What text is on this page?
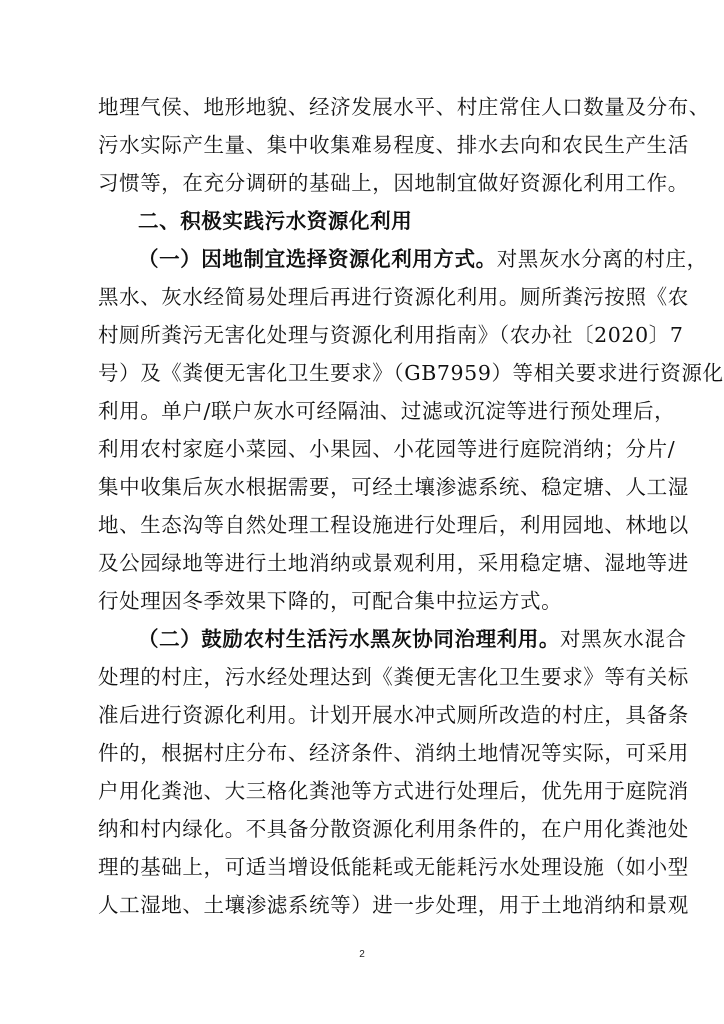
地理气侯、地形地貌、经济发展水平、村庄常住人口数量及分布、
污水实际产生量、集中收集难易程度、排水去向和农民生产生活
习惯等，在充分调研的基础上，因地制宜做好资源化利用工作。
二、积极实践污水资源化利用
（一）因地制宜选择资源化利用方式。对黑灰水分离的村庄，
黑水、灰水经简易处理后再进行资源化利用。厕所粪污按照《农
村厕所粪污无害化处理与资源化利用指南》（农办社〔2020〕7
号）及《粪便无害化卫生要求》（GB7959）等相关要求进行资源化
利用。单户/联户灰水可经隔油、过滤或沉淀等进行预处理后，
利用农村家庭小菜园、小果园、小花园等进行庭院消纳；分片/
集中收集后灰水根据需要，可经土壤渗滤系统、稳定塘、人工湿
地、生态沟等自然处理工程设施进行处理后，利用园地、林地以
及公园绿地等进行土地消纳或景观利用，采用稳定塘、湿地等进
行处理因冬季效果下降的，可配合集中拉运方式。
（二）鼓励农村生活污水黑灰协同治理利用。对黑灰水混合
处理的村庄，污水经处理达到《粪便无害化卫生要求》等有关标
准后进行资源化利用。计划开展水冲式厕所改造的村庄，具备条
件的，根据村庄分布、经济条件、消纳土地情况等实际，可采用
户用化粪池、大三格化粪池等方式进行处理后，优先用于庭院消
纳和村内绿化。不具备分散资源化利用条件的，在户用化粪池处
理的基础上，可适当增设低能耗或无能耗污水处理设施（如小型
人工湿地、土壤渗滤系统等）进一步处理，用于土地消纳和景观
2
